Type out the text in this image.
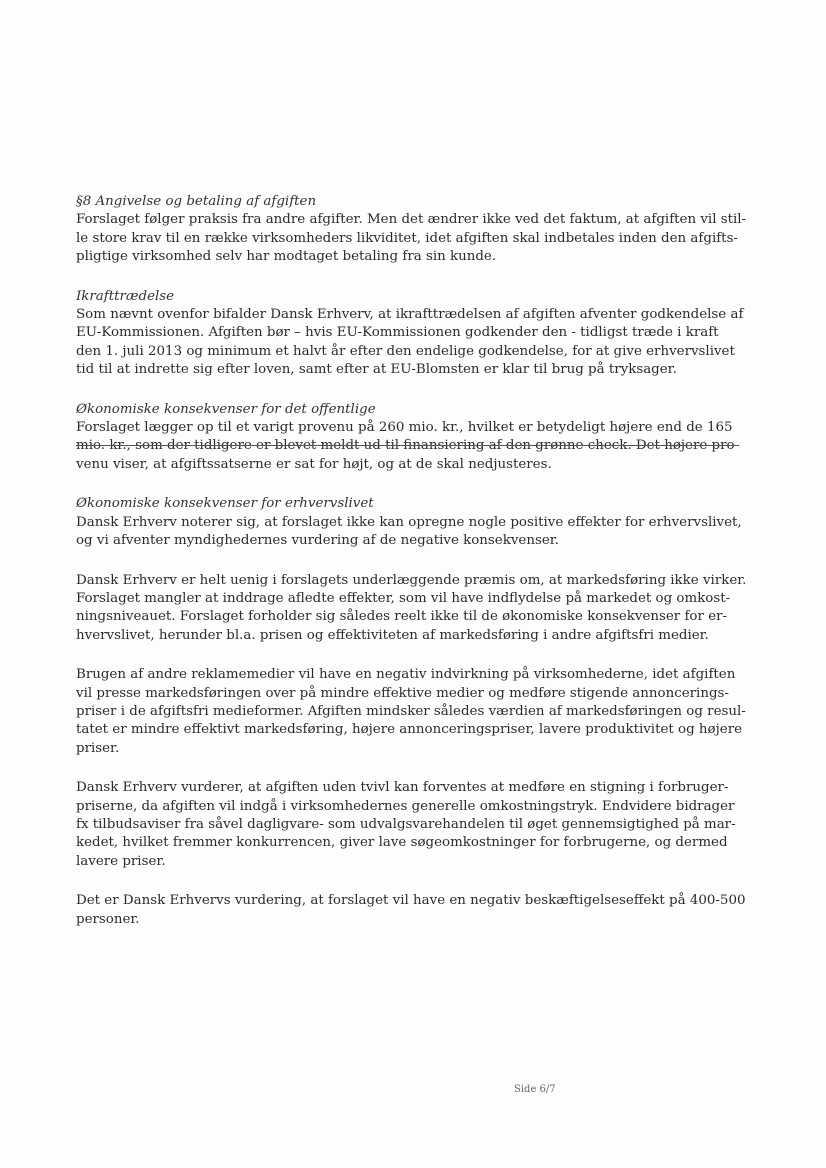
§8 Angivelse og betaling af afgiften

Forslaget følger praksis fra andre afgifter. Men det ændrer ikke ved det faktum, at afgiften vil stil-

le store krav til en række virksomheders likviditet, idet afgiften skal indbetales inden den afgifts-

pligtige virksomhed selv har modtaget betaling fra sin kunde.

Ikrafttrædelse

Som nævnt ovenfor bifalder Dansk Erhverv, at ikrafttrædelsen af afgiften afventer godkendelse af

EU-Kommissionen. Afgiften bør – hvis EU-Kommissionen godkender den - tidligst træde i kraft

den 1. juli 2013 og minimum et halvt år efter den endelige godkendelse, for at give erhvervslivet

tid til at indrette sig efter loven, samt efter at EU-Blomsten er klar til brug på tryksager.

Økonomiske konsekvenser for det offentlige

Forslaget lægger op til et varigt provenu på 260 mio. kr., hvilket er betydeligt højere end de 165

mio. kr., som der tidligere er blevet meldt ud til finansiering af den grønne check. Det højere pro-

venu viser, at afgiftssatserne er sat for højt, og at de skal nedjusteres.

Økonomiske konsekvenser for erhvervslivet

Dansk Erhverv noterer sig, at forslaget ikke kan opregne nogle positive effekter for erhvervslivet,

og vi afventer myndighedernes vurdering af de negative konsekvenser.

Dansk Erhverv er helt uenig i forslagets underlæggende præmis om, at markedsføring ikke virker.

Forslaget mangler at inddrage afledte effekter, som vil have indflydelse på markedet og omkost-

ningsniveauet. Forslaget forholder sig således reelt ikke til de økonomiske konsekvenser for er-

hvervslivet, herunder bl.a. prisen og effektiviteten af markedsføring i andre afgiftsfri medier.

Brugen af andre reklamemedier vil have en negativ indvirkning på virksomhederne, idet afgiften

vil presse markedsføringen over på mindre effektive medier og medføre stigende annoncerings-

priser i de afgiftsfri medieformer. Afgiften mindsker således værdien af markedsføringen og resul-

tatet er mindre effektivt markedsføring, højere annonceringspriser, lavere produktivitet og højere

priser.

Dansk Erhverv vurderer, at afgiften uden tvivl kan forventes at medføre en stigning i forbruger-

priserne, da afgiften vil indgå i virksomhedernes generelle omkostningstryk. Endvidere bidrager

fx tilbudsaviser fra såvel dagligvare- som udvalgsvarehandelen til øget gennemsigtighed på mar-

kedet, hvilket fremmer konkurrencen, giver lave søgeomkostninger for forbrugerne, og dermed

lavere priser.

Det er Dansk Erhvervs vurdering, at forslaget vil have en negativ beskæftigelseseffekt på 400-500

personer.

Side 6/7
